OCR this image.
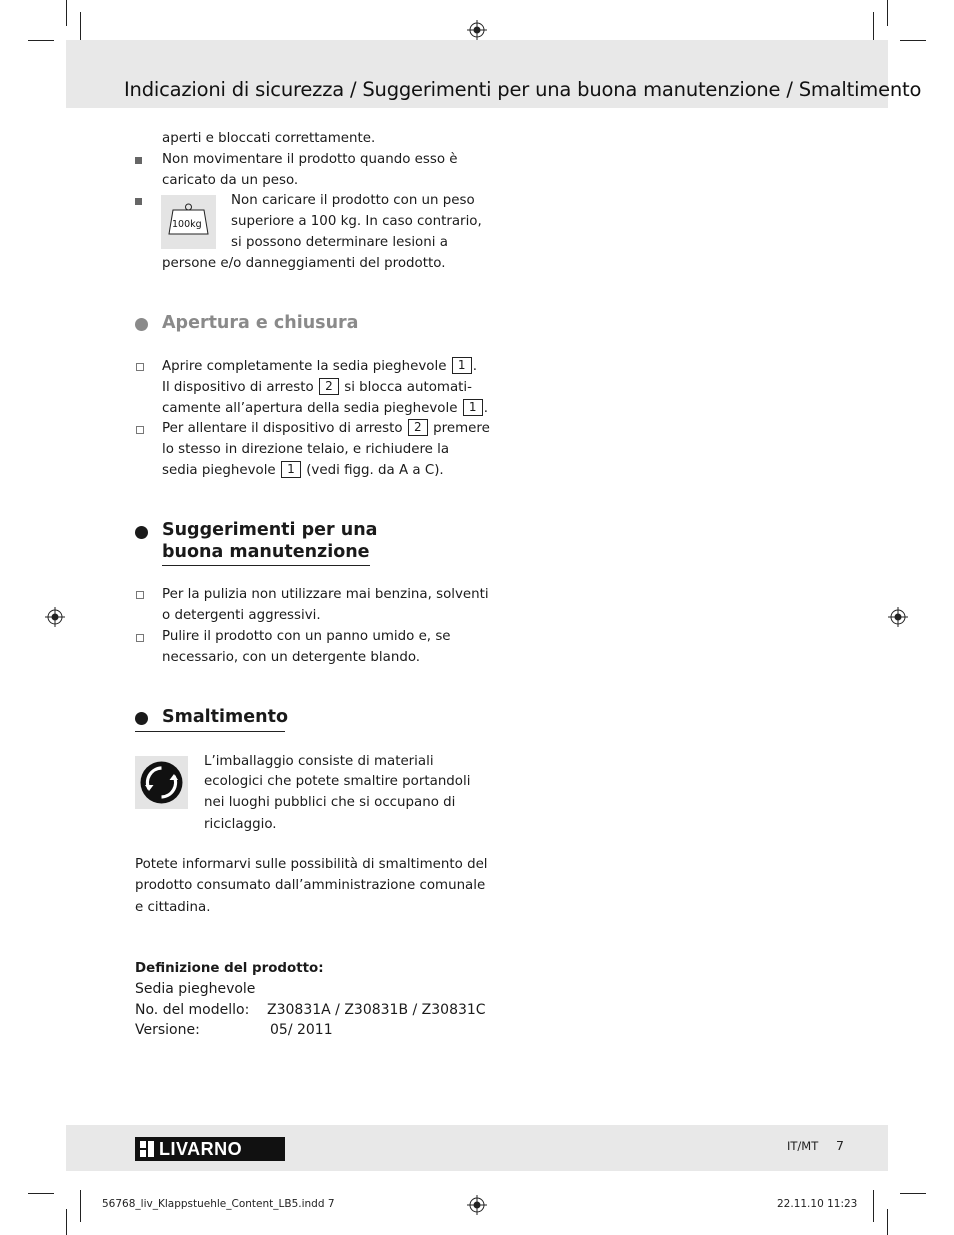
Indicazioni di sicurezza / Suggerimenti per una buona manutenzione / Smaltimento
aperti e bloccati correttamente.
Non movimentare il prodotto quando esso è
caricato da un peso.
100kg
Non caricare il prodotto con un peso
superiore a 100 kg. In caso contrario,
si possono determinare lesioni a
persone e/o danneggiamenti del prodotto.
Apertura e chiusura
Aprire completamente la sedia pieghevole 1 .
Il dispositivo di arresto 2 si blocca automati-
camente all’apertura della sedia pieghevole 1 .
Per allentare il dispositivo di arresto 2 premere
lo stesso in direzione telaio, e richiudere la
sedia pieghevole 1 (vedi figg. da A a C).
Suggerimenti per una
buona manutenzione
Per la pulizia non utilizzare mai benzina, solventi
o detergenti aggressivi.
Pulire il prodotto con un panno umido e, se
necessario, con un detergente blando.
Smaltimento
L’imballaggio consiste di materiali
ecologici che potete smaltire portandoli
nei luoghi pubblici che si occupano di
riciclaggio.
Potete informarvi sulle possibilità di smaltimento del
prodotto consumato dall’amministrazione comunale
e cittadina.
Definizione del prodotto:
Sedia pieghevole
No. del modello: Z30831A / Z30831B / Z30831C
Versione:	05/ 2011
LIVARNO	IT/MT 7
56768_liv_Klappstuehle_Content_LB5.indd 7	22.11.10 11:23
